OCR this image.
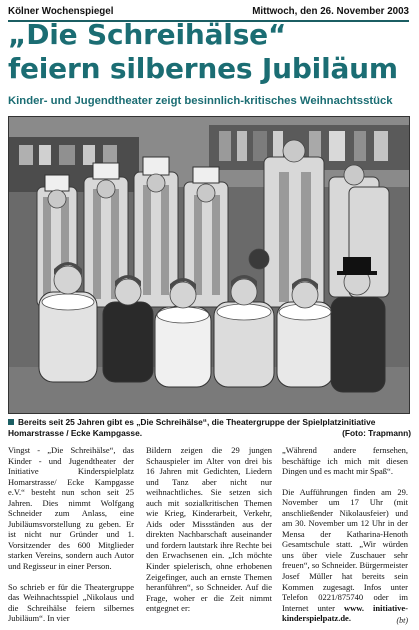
Kölner Wochenspiegel	Mittwoch, den 26. November 2003
„Die Schreihälse“
feiern silbernes Jubiläum
Kinder- und Jugendtheater zeigt besinnlich-kritisches Weihnachtsstück
Bereits seit 25 Jahren gibt es „Die Schreihälse“, die Theatergruppe der Spielplatzinitiative Homarstrasse / Ecke Kampgasse.	(Foto: Trapmann)

Vingst - „Die Schreihälse“, das Kinder - und Jugendtheater der Initiative Kinderspielplatz Homarstrasse/ Ecke Kampgasse e.V.“ besteht nun schon seit 25 Jahren. Dies nimmt Wolfgang Schneider zum Anlass, eine Jubiläumsvorstellung zu geben. Er ist nicht nur Gründer und 1. Vorsitzender des 600 Mitglieder starken Vereins, sondern auch Autor und Regisseur in einer Person.

So schrieb er für die Theatergruppe das Weihnachtsspiel „Nikolaus und die Schreihälse feiern silbernes Jubiläum“. In vier

Bildern zeigen die 29 jungen Schauspieler im Alter von drei bis 16 Jahren mit Gedichten, Liedern und Tanz aber nicht nur weihnachtliches. Sie setzen sich auch mit sozialkritischen Themen wie Krieg, Kinderarbeit, Verkehr, Aids oder Missständen aus der direkten Nachbarschaft auseinander und fordern lautstark ihre Rechte bei den Erwachsenen ein. „Ich möchte Kinder spielerisch, ohne erhobenen Zeigefinger, auch an ernste Themen heranführen“, so Schneider. Auf die Frage, woher er die Zeit nimmt entgegnet er:

„Während andere fernsehen, beschäftige ich mich mit diesen Dingen und es macht mir Spaß“.

Die Aufführungen finden am 29. November um 17 Uhr (mit anschließender Nikolausfeier) und am 30. November um 12 Uhr in der Mensa der Katharina-Henoth Gesamtschule statt. „Wir würden uns über viele Zuschauer sehr freuen“, so Schneider. Bürgermeister Josef Müller hat bereits sein Kommen zugesagt. Infos unter Telefon 0221/875740 oder im Internet unter www. initiative- kinderspielpatz.de.	(bt)
